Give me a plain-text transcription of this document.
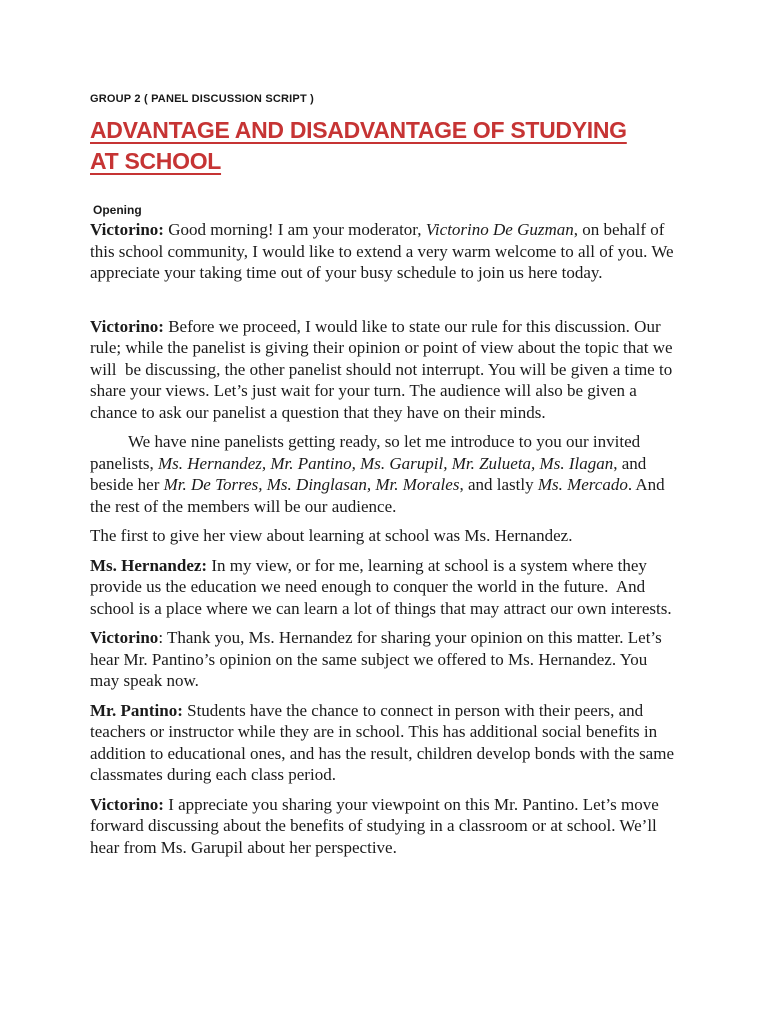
GROUP 2 ( PANEL DISCUSSION SCRIPT )
ADVANTAGE AND DISADVANTAGE OF STUDYING AT SCHOOL
Opening

Victorino: Good morning! I am your moderator, Victorino De Guzman, on behalf of this school community, I would like to extend a very warm welcome to all of you. We appreciate your taking time out of your busy schedule to join us here today.

Victorino: Before we proceed, I would like to state our rule for this discussion. Our rule; while the panelist is giving their opinion or point of view about the topic that we will  be discussing, the other panelist should not interrupt. You will be given a time to share your views. Let’s just wait for your turn. The audience will also be given a chance to ask our panelist a question that they have on their minds.

We have nine panelists getting ready, so let me introduce to you our invited panelists, Ms. Hernandez, Mr. Pantino, Ms. Garupil, Mr. Zulueta, Ms. Ilagan, and beside her Mr. De Torres, Ms. Dinglasan, Mr. Morales, and lastly Ms. Mercado. And the rest of the members will be our audience.

The first to give her view about learning at school was Ms. Hernandez.

Ms. Hernandez: In my view, or for me, learning at school is a system where they provide us the education we need enough to conquer the world in the future.  And school is a place where we can learn a lot of things that may attract our own interests.

Victorino: Thank you, Ms. Hernandez for sharing your opinion on this matter. Let’s hear Mr. Pantino’s opinion on the same subject we offered to Ms. Hernandez. You may speak now.

Mr. Pantino: Students have the chance to connect in person with their peers, and teachers or instructor while they are in school. This has additional social benefits in addition to educational ones, and has the result, children develop bonds with the same classmates during each class period.

Victorino: I appreciate you sharing your viewpoint on this Mr. Pantino. Let’s move forward discussing about the benefits of studying in a classroom or at school. We’ll hear from Ms. Garupil about her perspective.
